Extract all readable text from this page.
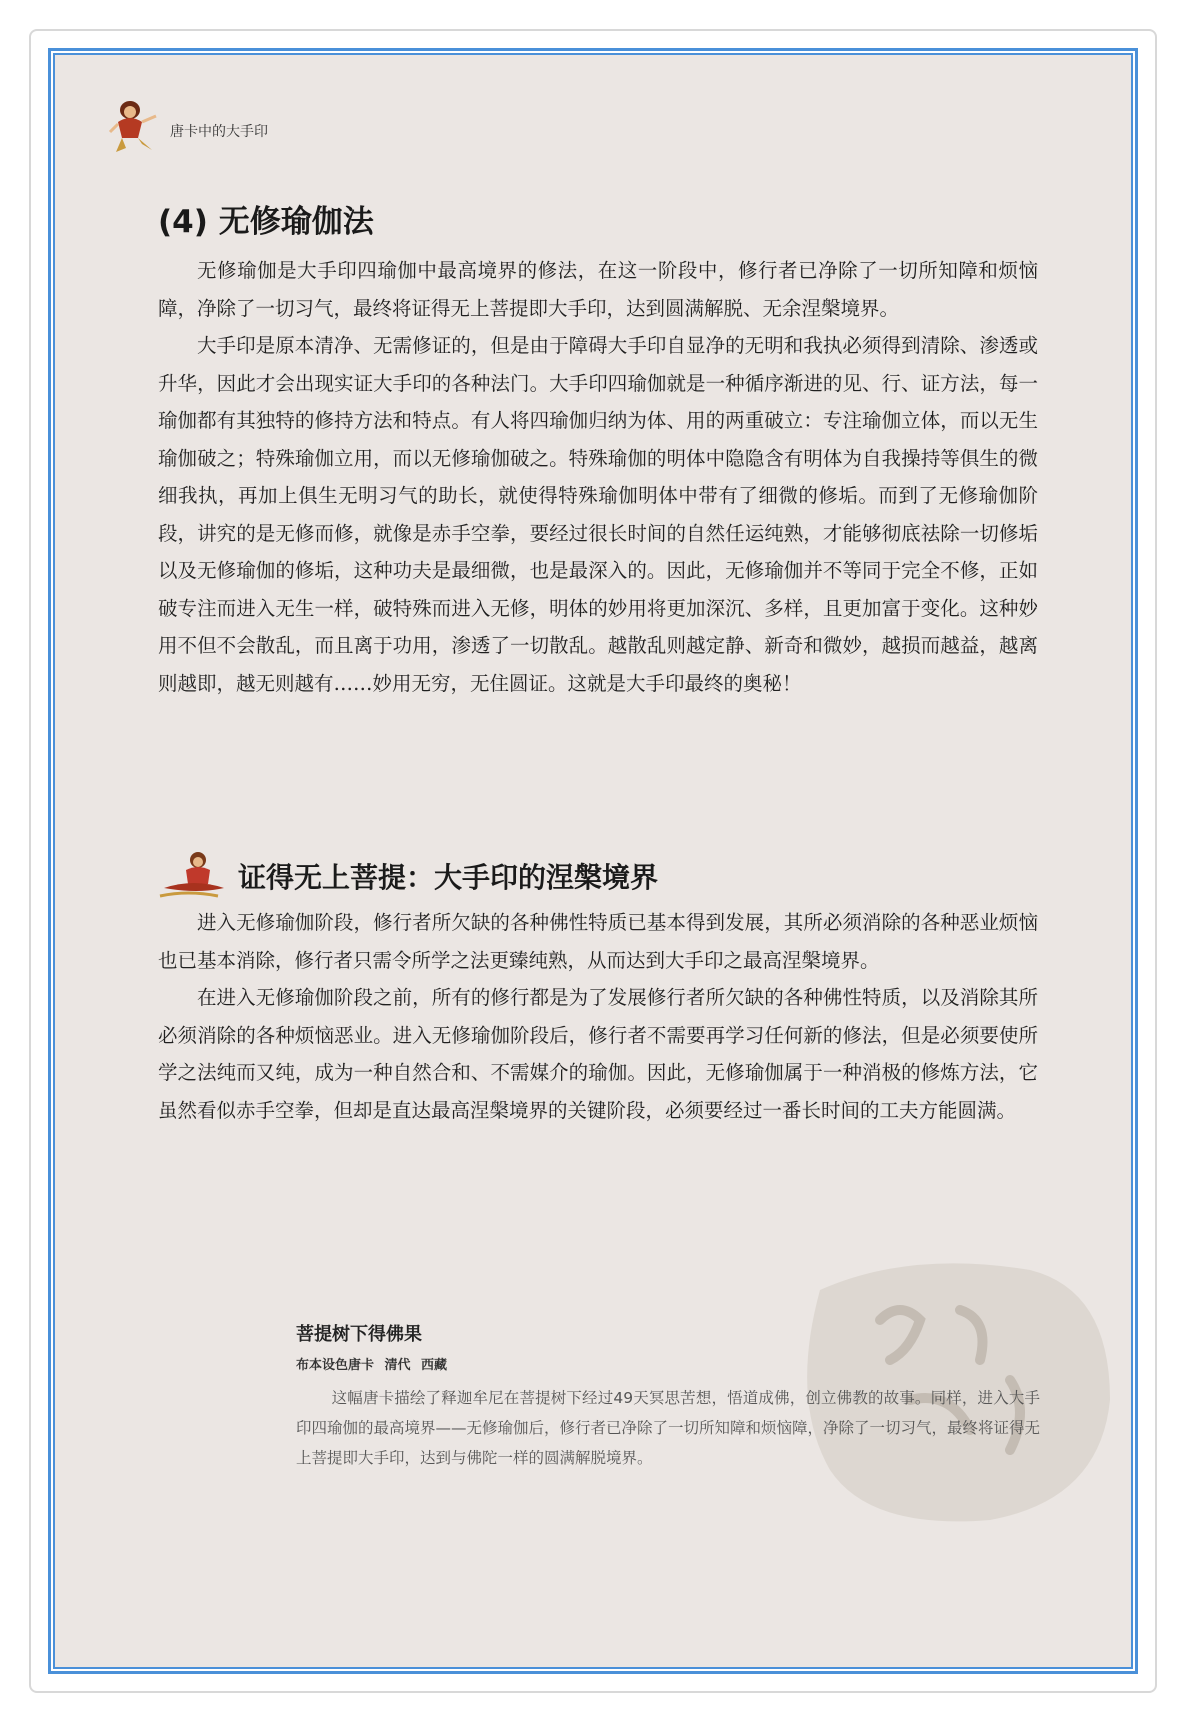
唐卡中的大手印
(4) 无修瑜伽法

无修瑜伽是大手印四瑜伽中最高境界的修法，在这一阶段中，修行者已净除了一切所知障和烦恼障，净除了一切习气，最终将证得无上菩提即大手印，达到圆满解脱、无余涅槃境界。

大手印是原本清净、无需修证的，但是由于障碍大手印自显净的无明和我执必须得到清除、渗透或升华，因此才会出现实证大手印的各种法门。大手印四瑜伽就是一种循序渐进的见、行、证方法，每一瑜伽都有其独特的修持方法和特点。有人将四瑜伽归纳为体、用的两重破立：专注瑜伽立体，而以无生瑜伽破之；特殊瑜伽立用，而以无修瑜伽破之。特殊瑜伽的明体中隐隐含有明体为自我操持等俱生的微细我执，再加上俱生无明习气的助长，就使得特殊瑜伽明体中带有了细微的修垢。而到了无修瑜伽阶段，讲究的是无修而修，就像是赤手空拳，要经过很长时间的自然任运纯熟，才能够彻底祛除一切修垢以及无修瑜伽的修垢，这种功夫是最细微，也是最深入的。因此，无修瑜伽并不等同于完全不修，正如破专注而进入无生一样，破特殊而进入无修，明体的妙用将更加深沉、多样，且更加富于变化。这种妙用不但不会散乱，而且离于功用，渗透了一切散乱。越散乱则越定静、新奇和微妙，越损而越益，越离则越即，越无则越有……妙用无穷，无住圆证。这就是大手印最终的奥秘！

证得无上菩提：大手印的涅槃境界

进入无修瑜伽阶段，修行者所欠缺的各种佛性特质已基本得到发展，其所必须消除的各种恶业烦恼也已基本消除，修行者只需令所学之法更臻纯熟，从而达到大手印之最高涅槃境界。

在进入无修瑜伽阶段之前，所有的修行都是为了发展修行者所欠缺的各种佛性特质，以及消除其所必须消除的各种烦恼恶业。进入无修瑜伽阶段后，修行者不需要再学习任何新的修法，但是必须要使所学之法纯而又纯，成为一种自然合和、不需媒介的瑜伽。因此，无修瑜伽属于一种消极的修炼方法，它虽然看似赤手空拳，但却是直达最高涅槃境界的关键阶段，必须要经过一番长时间的工夫方能圆满。

菩提树下得佛果
布本设色唐卡 清代 西藏
这幅唐卡描绘了释迦牟尼在菩提树下经过49天冥思苦想，悟道成佛，创立佛教的故事。同样，进入大手印四瑜伽的最高境界——无修瑜伽后，修行者已净除了一切所知障和烦恼障，净除了一切习气，最终将证得无上菩提即大手印，达到与佛陀一样的圆满解脱境界。
